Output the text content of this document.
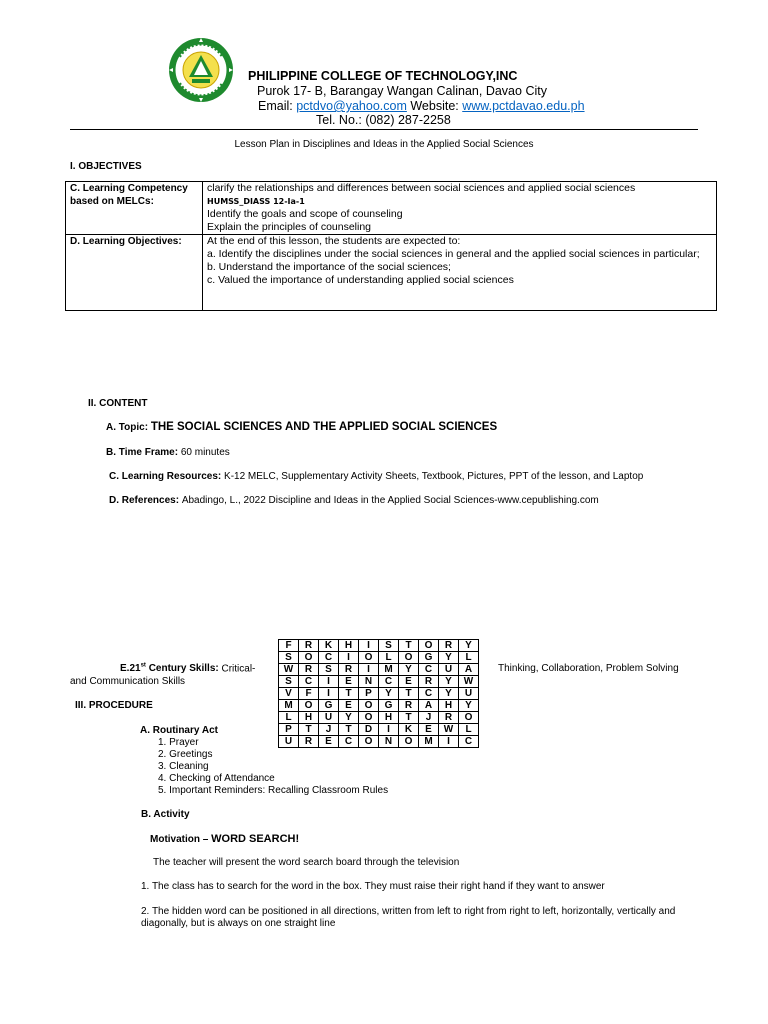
PHILIPPINE COLLEGE OF TECHNOLOGY,INC
Purok 17- B, Barangay Wangan Calinan, Davao City
Email: pctdvo@yahoo.com Website: www.pctdavao.edu.ph
Tel. No.: (082) 287-2258
Lesson Plan in Disciplines and Ideas in the Applied Social Sciences
I. OBJECTIVES
C. Learning Competency based on MELCs:	clarify the relationships and differences between social sciences and applied social sciences
HUMSS_DIASS 12-Ia-1
Identify the goals and scope of counseling
Explain the principles of counseling

D. Learning Objectives:	At the end of this lesson, the students are expected to:
a. Identify the disciplines under the social sciences in general and the applied social sciences in particular;
b. Understand the importance of the social sciences;
c. Valued the importance of understanding applied social sciences
II. CONTENT
A. Topic: THE SOCIAL SCIENCES AND THE APPLIED SOCIAL SCIENCES
B. Time Frame: 60 minutes
C. Learning Resources: K-12 MELC, Supplementary Activity Sheets, Textbook, Pictures, PPT of the lesson, and Laptop
D. References: Abadingo, L., 2022 Discipline and Ideas in the Applied Social Sciences-www.cepublishing.com
E.21st Century Skills: Critical-	Thinking, Collaboration, Problem Solving
and Communication Skills
F	R	K	H	I	S	T	O	R	Y
S	O	C	I	O	L	O	G	Y	L
W	R	S	R	I	M	Y	C	U	A
S	C	I	E	N	C	E	R	Y	W
V	F	I	T	P	Y	T	C	Y	U
M	O	G	E	O	G	R	A	H	Y
L	H	U	Y	O	H	T	J	R	O
P	T	J	T	D	I	K	E	W	L
U	R	E	C	O	N	O	M	I	C
III. PROCEDURE
A. Routinary Act
1. Prayer
2. Greetings
3. Cleaning
4. Checking of Attendance
5. Important Reminders: Recalling Classroom Rules
B. Activity
Motivation – WORD SEARCH!
The teacher will present the word search board through the television
1. The class has to search for the word in the box. They must raise their right hand if they want to answer
2. The hidden word can be positioned in all directions, written from left to right from right to left, horizontally, vertically and diagonally, but is always on one straight line
